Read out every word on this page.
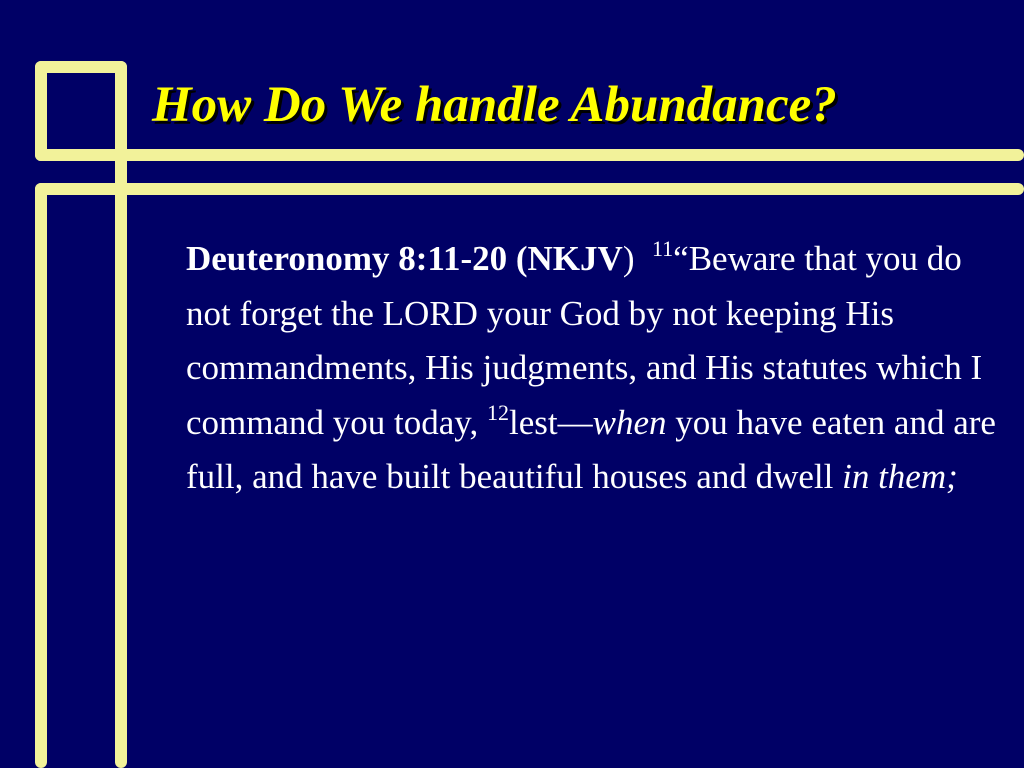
How Do We handle Abundance?

Deuteronomy 8:11-20 (NKJV) $^{11}$“Beware that you do not forget the LORD your God by not keeping His commandments, His judgments, and His statutes which I command you today, $^{12}$lest—when you have eaten and are full, and have built beautiful houses and dwell in them;
